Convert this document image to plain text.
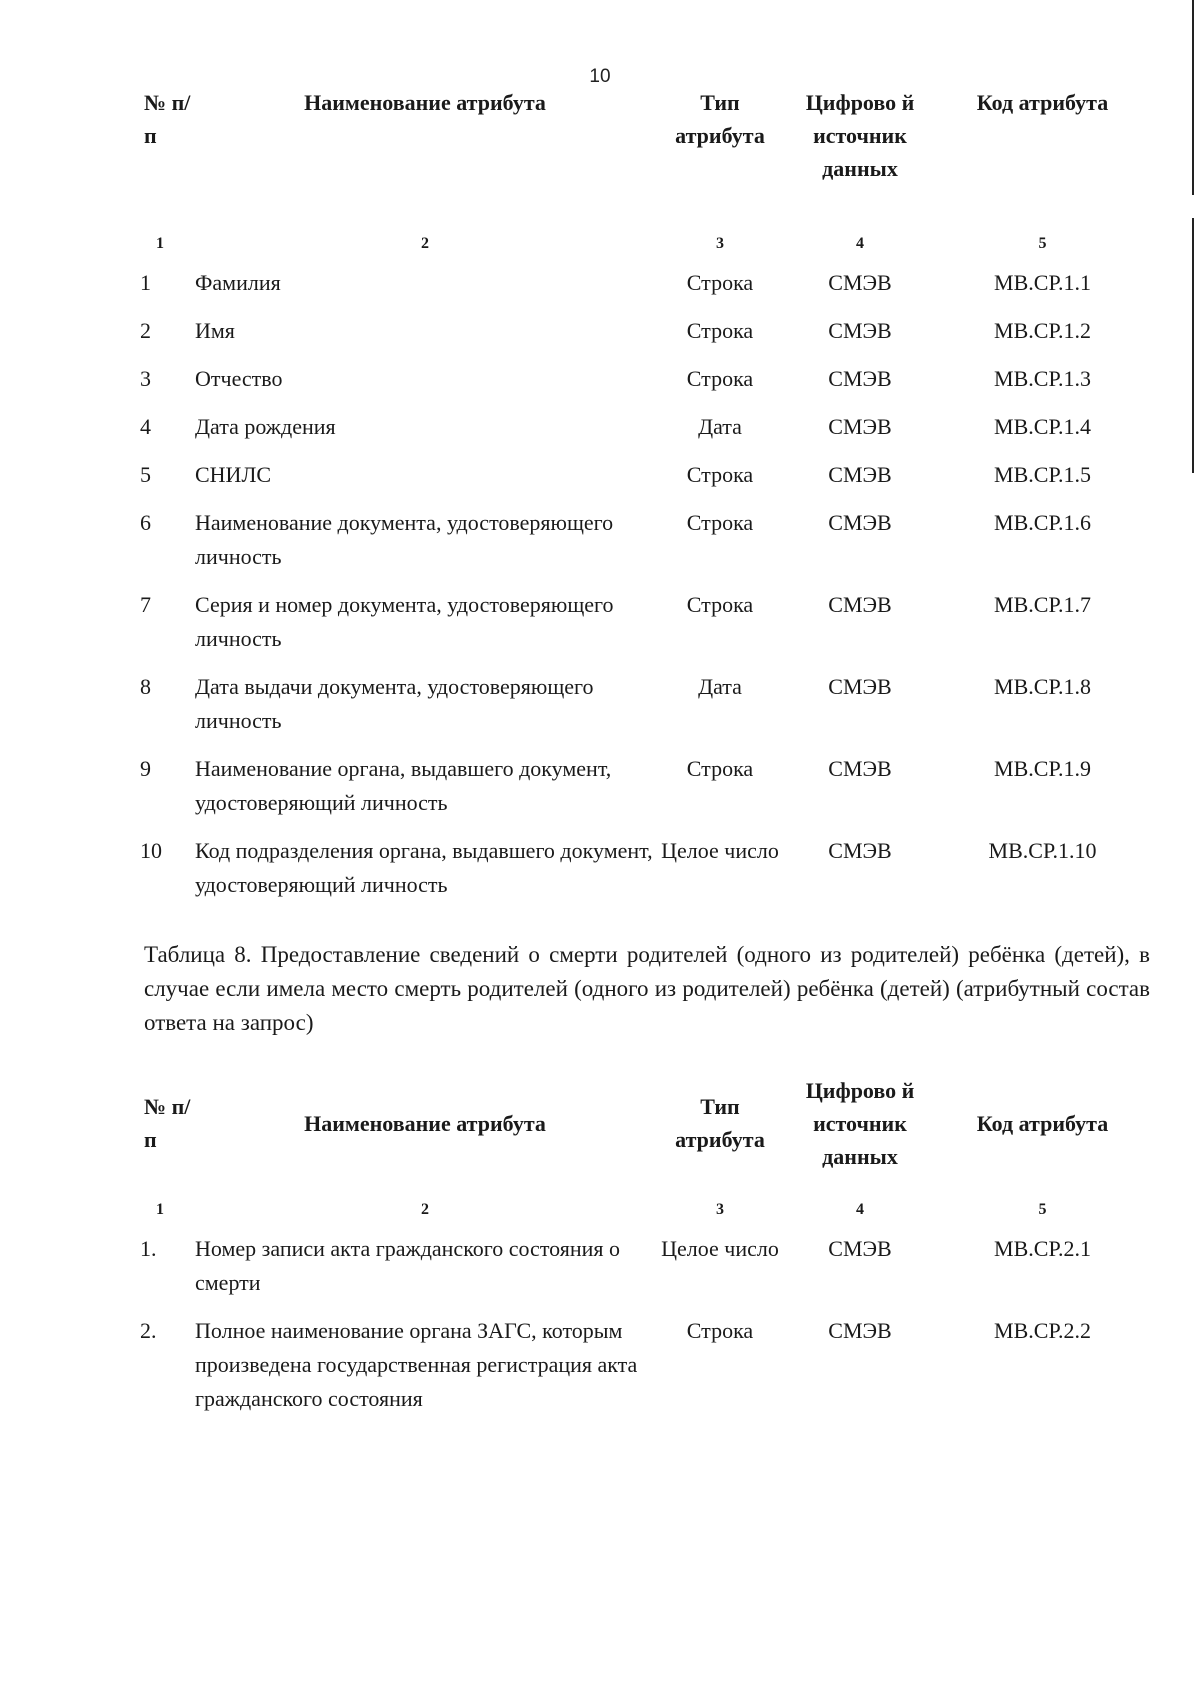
10
№ п/ п	Наименование атрибута	Тип атрибута	Цифрово й источник данных	Код атрибута
1	2	3	4	5
1	Фамилия	Строка	СМЭВ	МВ.СР.1.1
2	Имя	Строка	СМЭВ	МВ.СР.1.2
3	Отчество	Строка	СМЭВ	МВ.СР.1.3
4	Дата рождения	Дата	СМЭВ	МВ.СР.1.4
5	СНИЛС	Строка	СМЭВ	МВ.СР.1.5
6	Наименование документа, удостоверяющего личность	Строка	СМЭВ	МВ.СР.1.6
7	Серия и номер документа, удостоверяющего личность	Строка	СМЭВ	МВ.СР.1.7
8	Дата выдачи документа, удостоверяющего личность	Дата	СМЭВ	МВ.СР.1.8
9	Наименование органа, выдавшего документ, удостоверяющий личность	Строка	СМЭВ	МВ.СР.1.9
10	Код подразделения органа, выдавшего документ, удостоверяющий личность	Целое число	СМЭВ	МВ.СР.1.10
Таблица 8. Предоставление сведений о смерти родителей (одного из родителей) ребёнка (детей), в случае если имела место смерть родителей (одного из родителей) ребёнка (детей) (атрибутный состав ответа на запрос)
№ п/ п	Наименование атрибута	Тип атрибута	Цифрово й источник данных	Код атрибута
1	2	3	4	5
1.	Номер записи акта гражданского состояния о смерти	Целое число	СМЭВ	МВ.СР.2.1
2.	Полное наименование органа ЗАГС, которым произведена государственная регистрация акта гражданского состояния	Строка	СМЭВ	МВ.СР.2.2
